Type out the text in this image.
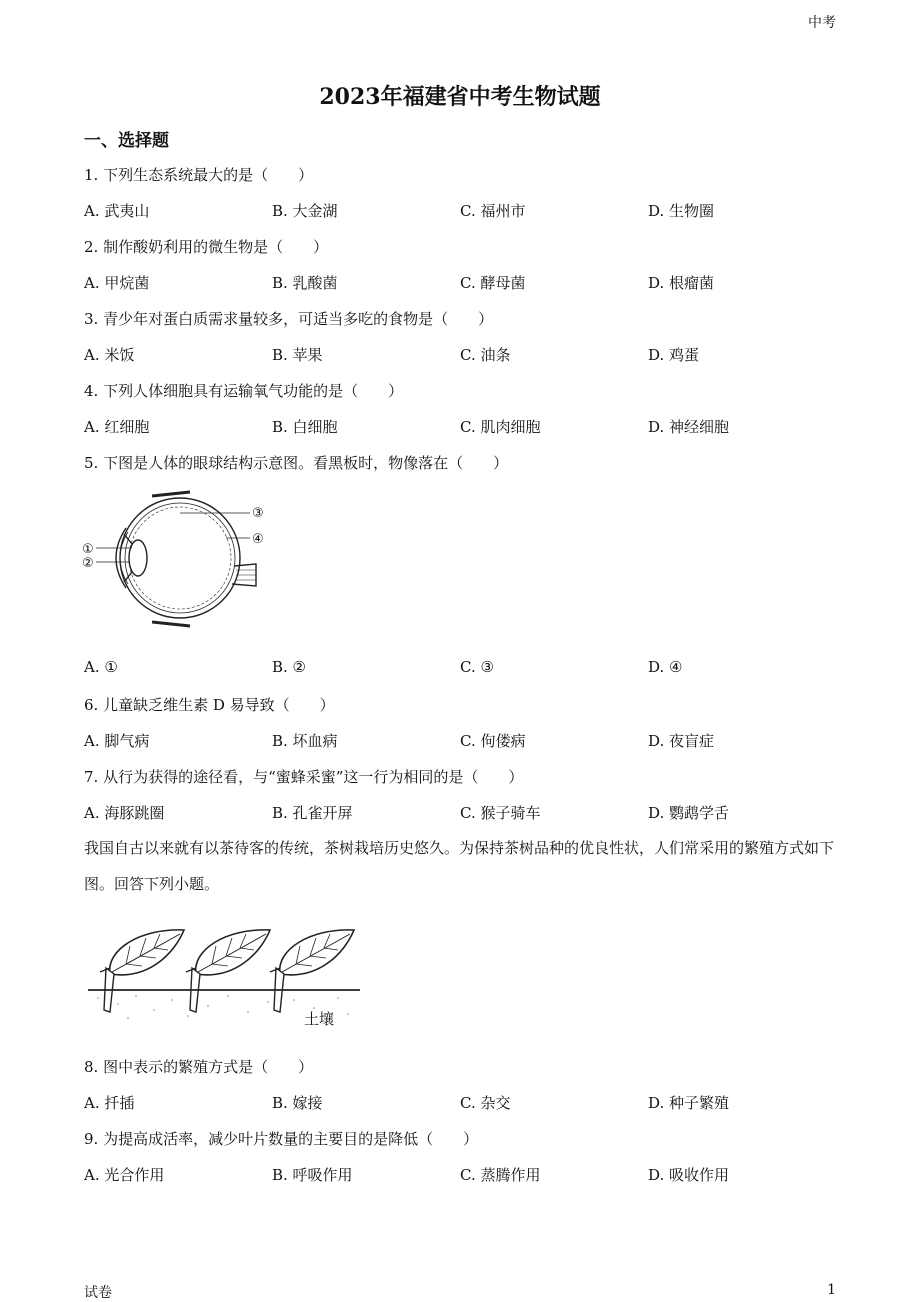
中考
2023年福建省中考生物试题
一、选择题
1. 下列生态系统最大的是（　　）
A. 武夷山	B. 大金湖	C. 福州市	D. 生物圈
2. 制作酸奶利用的微生物是（　　）
A. 甲烷菌	B. 乳酸菌	C. 酵母菌	D. 根瘤菌
3. 青少年对蛋白质需求量较多，可适当多吃的食物是（　　）
A. 米饭	B. 苹果	C. 油条	D. 鸡蛋
4. 下列人体细胞具有运输氧气功能的是（　　）
A. 红细胞	B. 白细胞	C. 肌肉细胞	D. 神经细胞
5. 下图是人体的眼球结构示意图。看黑板时，物像落在（　　）
③
④
①
②
A. ①	B. ②	C. ③	D. ④
6. 儿童缺乏维生素 D 易导致（　　）
A. 脚气病	B. 坏血病	C. 佝偻病	D. 夜盲症
7. 从行为获得的途径看，与“蜜蜂采蜜”这一行为相同的是（　　）
A. 海豚跳圈	B. 孔雀开屏	C. 猴子骑车	D. 鹦鹉学舌
我国自古以来就有以茶待客的传统，茶树栽培历史悠久。为保持茶树品种的优良性状，人们常采用的繁殖方式如下图。回答下列小题。
土壤
8. 图中表示的繁殖方式是（　　）
A. 扦插	B. 嫁接	C. 杂交	D. 种子繁殖
9. 为提高成活率，减少叶片数量的主要目的是降低（　　）
A. 光合作用	B. 呼吸作用	C. 蒸腾作用	D. 吸收作用
试卷	1
